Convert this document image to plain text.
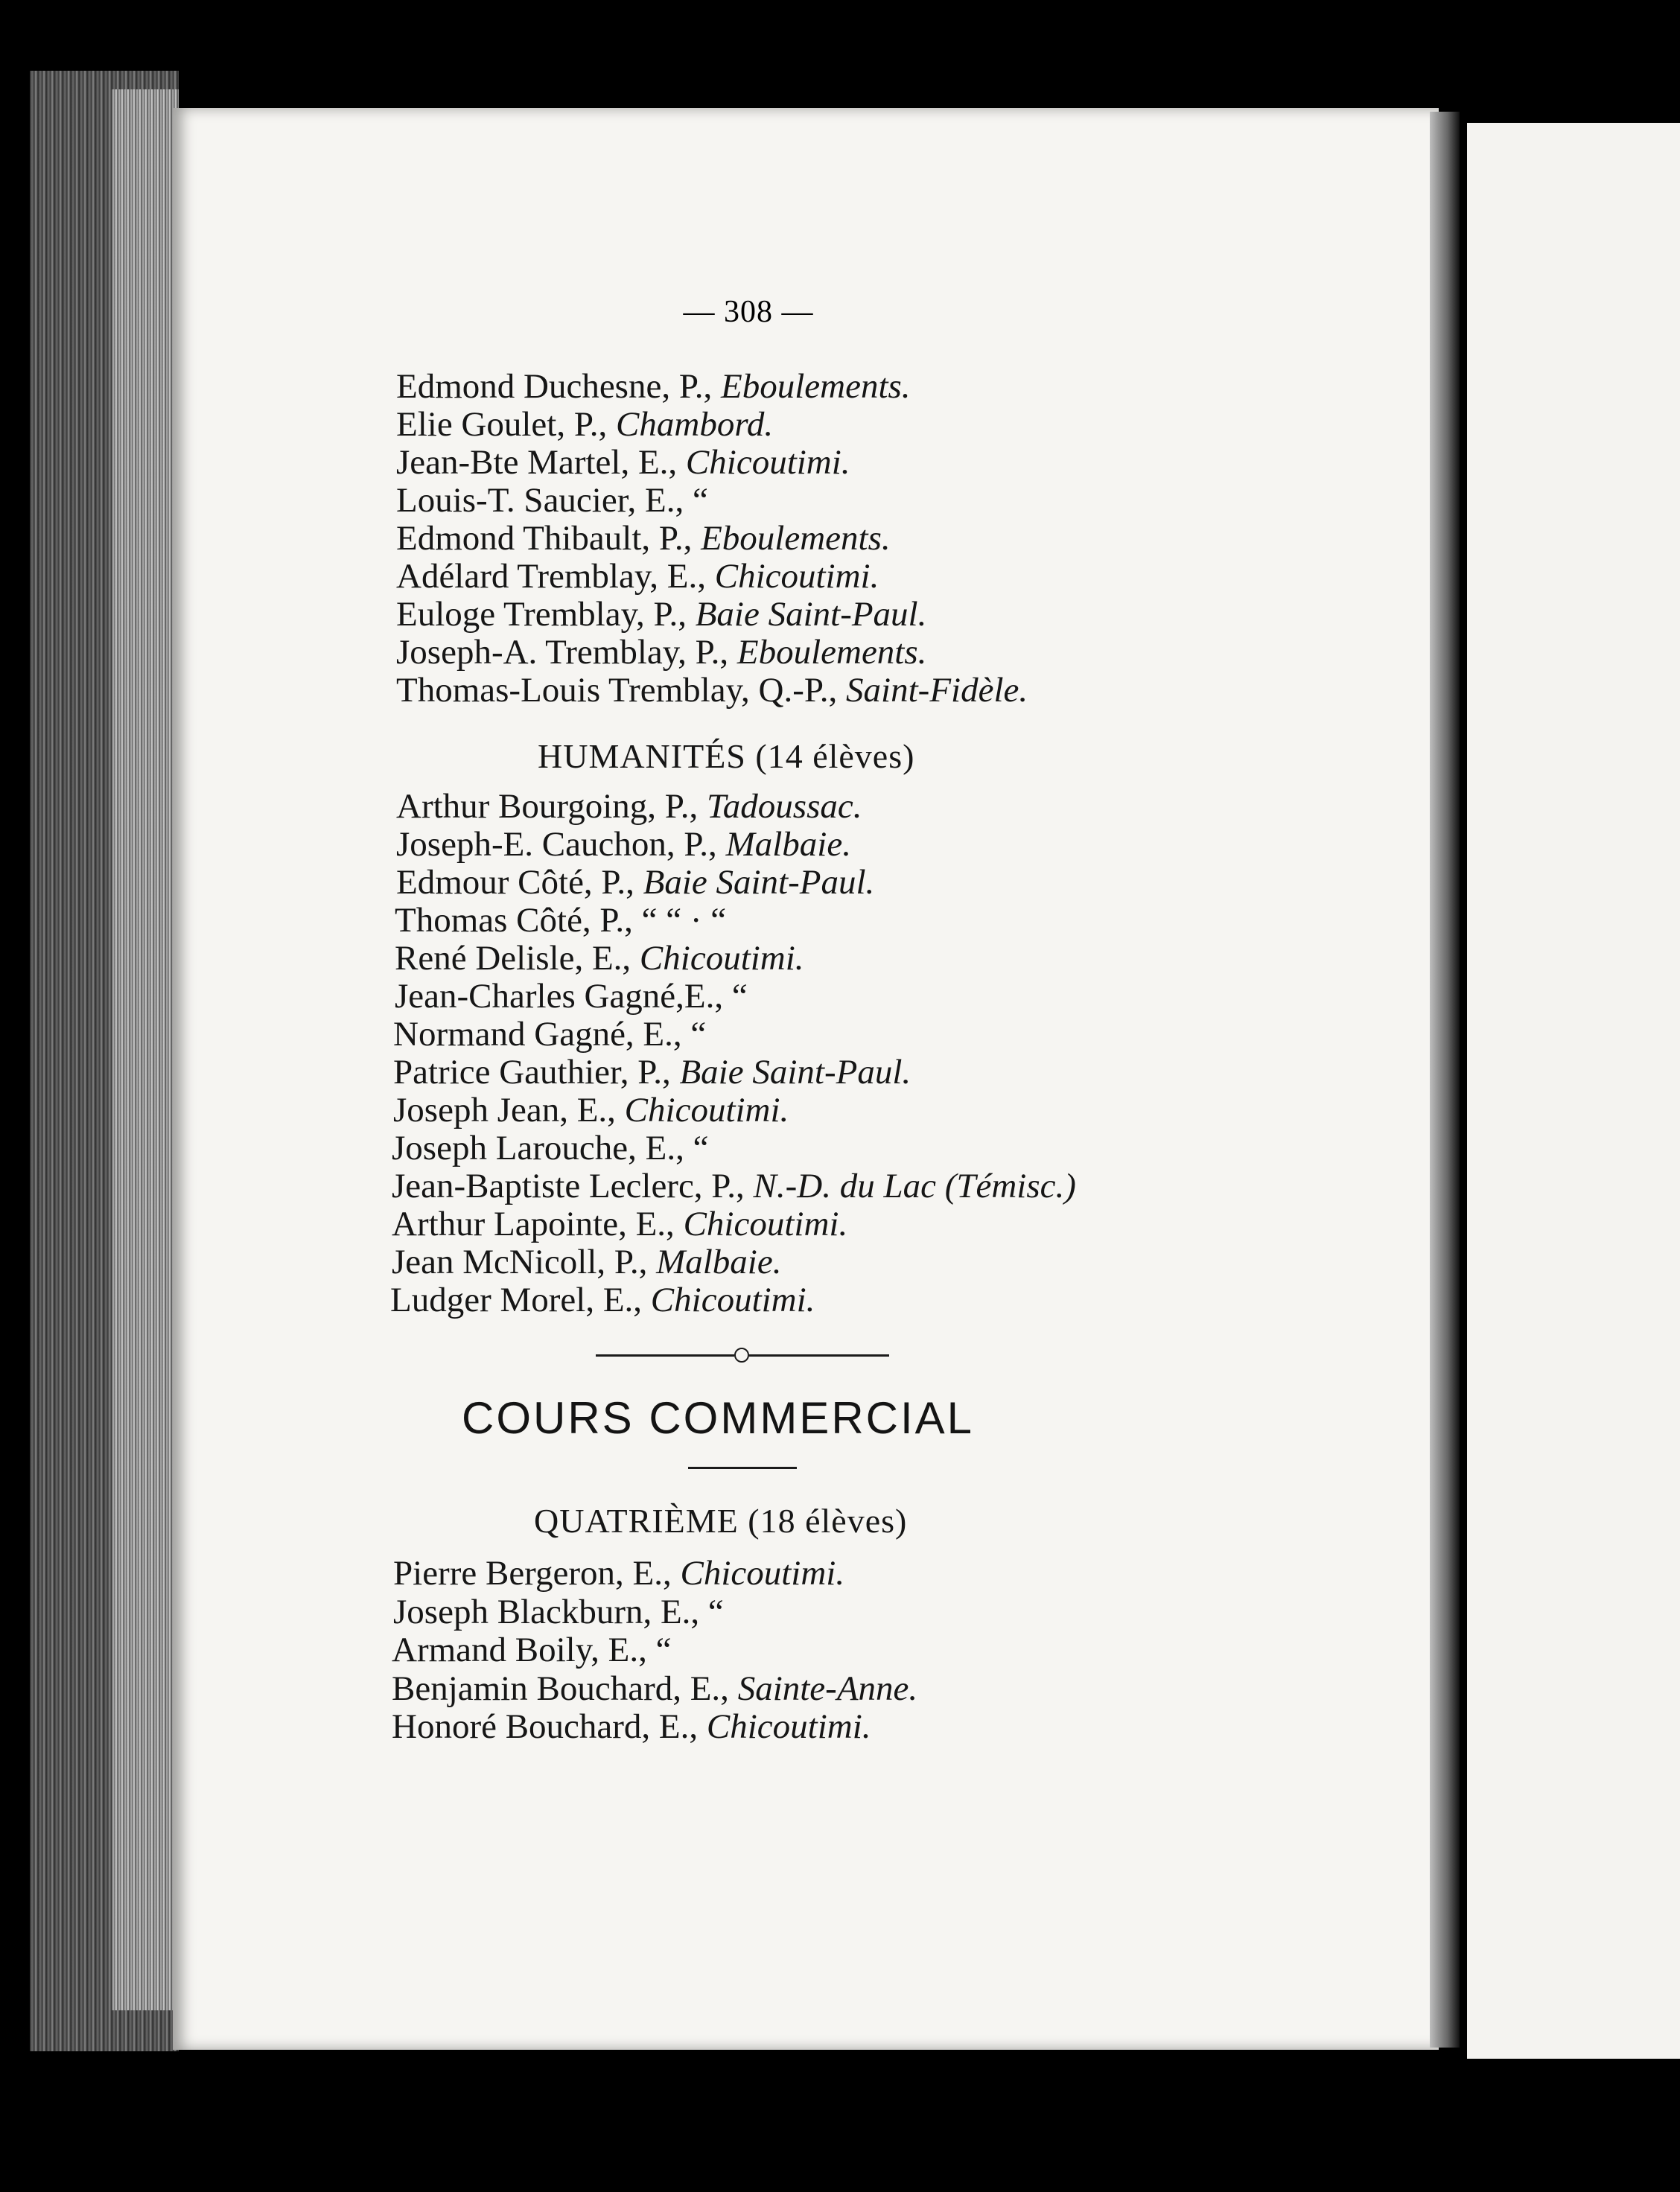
— 308 —
Edmond Duchesne, P., Eboulements.
Elie Goulet, P., Chambord.
Jean-Bte Martel, E., Chicoutimi.
Louis-T. Saucier, E., “
Edmond Thibault, P., Eboulements.
Adélard Tremblay, E., Chicoutimi.
Euloge Tremblay, P., Baie Saint-Paul.
Joseph-A. Tremblay, P., Eboulements.
Thomas-Louis Tremblay, Q.-P., Saint-Fidèle.
HUMANITÉS (14 élèves)
Arthur Bourgoing, P., Tadoussac.
Joseph-E. Cauchon, P., Malbaie.
Edmour Côté, P., Baie Saint-Paul.
Thomas Côté, P., “ “ · “
René Delisle, E., Chicoutimi.
Jean-Charles Gagné,E., “
Normand Gagné, E., “
Patrice Gauthier, P., Baie Saint-Paul.
Joseph Jean, E., Chicoutimi.
Joseph Larouche, E., “
Jean-Baptiste Leclerc, P., N.-D. du Lac (Témisc.)
Arthur Lapointe, E., Chicoutimi.
Jean McNicoll, P., Malbaie.
Ludger Morel, E., Chicoutimi.
COURS COMMERCIAL
QUATRIÈME (18 élèves)
Pierre Bergeron, E., Chicoutimi.
Joseph Blackburn, E., “
Armand Boily, E., “
Benjamin Bouchard, E., Sainte-Anne.
Honoré Bouchard, E., Chicoutimi.
